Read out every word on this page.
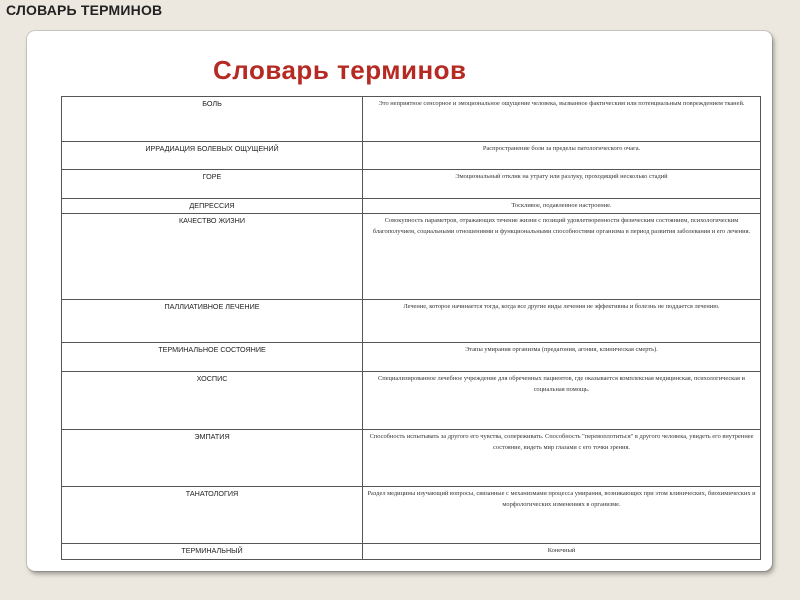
СЛОВАРЬ ТЕРМИНОВ
Словарь терминов
БОЛЬ	Это неприятное сенсорное и эмоциональное ощущение человека, вызванное фактическим или потенциальным повреждением тканей.
ИРРАДИАЦИЯ БОЛЕВЫХ ОЩУЩЕНИЙ	Распространение боли за пределы патологического очага.
ГОРЕ	Эмоциональный отклик на утрату или разлуку, проходящий несколько стадий
ДЕПРЕССИЯ	Тоскливое, подавленное настроение.
КАЧЕСТВО ЖИЗНИ	Совокупность параметров, отражающих течение жизни с позиций удовлетворенности физическим состоянием, психологическим благополучием, социальными отношениями и функциональными способностями организма в период развития заболевания и его лечения.
ПАЛЛИАТИВНОЕ ЛЕЧЕНИЕ	Лечение, которое начинается тогда, когда все другие виды лечения не эффективны и болезнь не поддается лечению.
ТЕРМИНАЛЬНОЕ СОСТОЯНИЕ	Этапы умирания организма (предагония, агония, клиническая смерть).
ХОСПИС	Специализированное лечебное учреждение для обреченных пациентов, где оказывается комплексная медицинская, психологическая и социальная помощь.
ЭМПАТИЯ	Способность испытывать за другого его чувства, сопереживать. Способность "перевоплотиться" в другого человека, увидеть его внутреннее состояние, видеть мир глазами с его точки зрения.
ТАНАТОЛОГИЯ	Раздел медицины изучающий вопросы, связанные с механизмами процесса умирания, возникающих при этом клинических, биохимических и морфологических изменениях в организме.
ТЕРМИНАЛЬНЫЙ	Конечный
